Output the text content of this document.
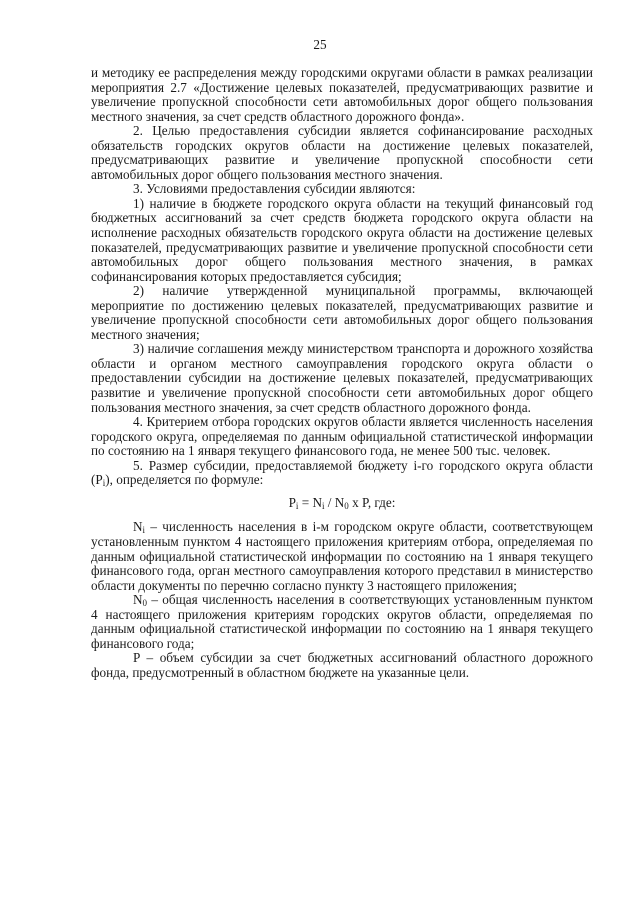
25

и методику ее распределения между городскими округами области в рамках реализации мероприятия 2.7 «Достижение целевых показателей, предусматривающих развитие и увеличение пропускной способности сети автомобильных дорог общего пользования местного значения, за счет средств областного дорожного фонда».

2. Целью предоставления субсидии является софинансирование расходных обязательств городских округов области на достижение целевых показателей, предусматривающих развитие и увеличение пропускной способности сети автомобильных дорог общего пользования местного значения.

3. Условиями предоставления субсидии являются:

1) наличие в бюджете городского округа области на текущий финансовый год бюджетных ассигнований за счет средств бюджета городского округа области на исполнение расходных обязательств городского округа области на достижение целевых показателей, предусматривающих развитие и увеличение пропускной способности сети автомобильных дорог общего пользования местного значения, в рамках софинансирования которых предоставляется субсидия;

2) наличие утвержденной муниципальной программы, включающей мероприятие по достижению целевых показателей, предусматривающих развитие и увеличение пропускной способности сети автомобильных дорог общего пользования местного значения;

3) наличие соглашения между министерством транспорта и дорожного хозяйства области и органом местного самоуправления городского округа области о предоставлении субсидии на достижение целевых показателей, предусматривающих развитие и увеличение пропускной способности сети автомобильных дорог общего пользования местного значения, за счет средств областного дорожного фонда.

4. Критерием отбора городских округов области является численность населения городского округа, определяемая по данным официальной статистической информации по состоянию на 1 января текущего финансового года, не менее 500 тыс. человек.

5. Размер субсидии, предоставляемой бюджету i-го городского округа области $(P_i)$, определяется по формуле:

$P_i = N_i / N_0$ x P, где:

$N_i$ – численность населения в i-м городском округе области, соответствующем установленным пунктом 4 настоящего приложения критериям отбора, определяемая по данным официальной статистической информации по состоянию на 1 января текущего финансового года, орган местного самоуправления которого представил в министерство области документы по перечню согласно пункту 3 настоящего приложения;

$N_0$ – общая численность населения в соответствующих установленным пунктом 4 настоящего приложения критериям городских округов области, определяемая по данным официальной статистической информации по состоянию на 1 января текущего финансового года;

P – объем субсидии за счет бюджетных ассигнований областного дорожного фонда, предусмотренный в областном бюджете на указанные цели.
